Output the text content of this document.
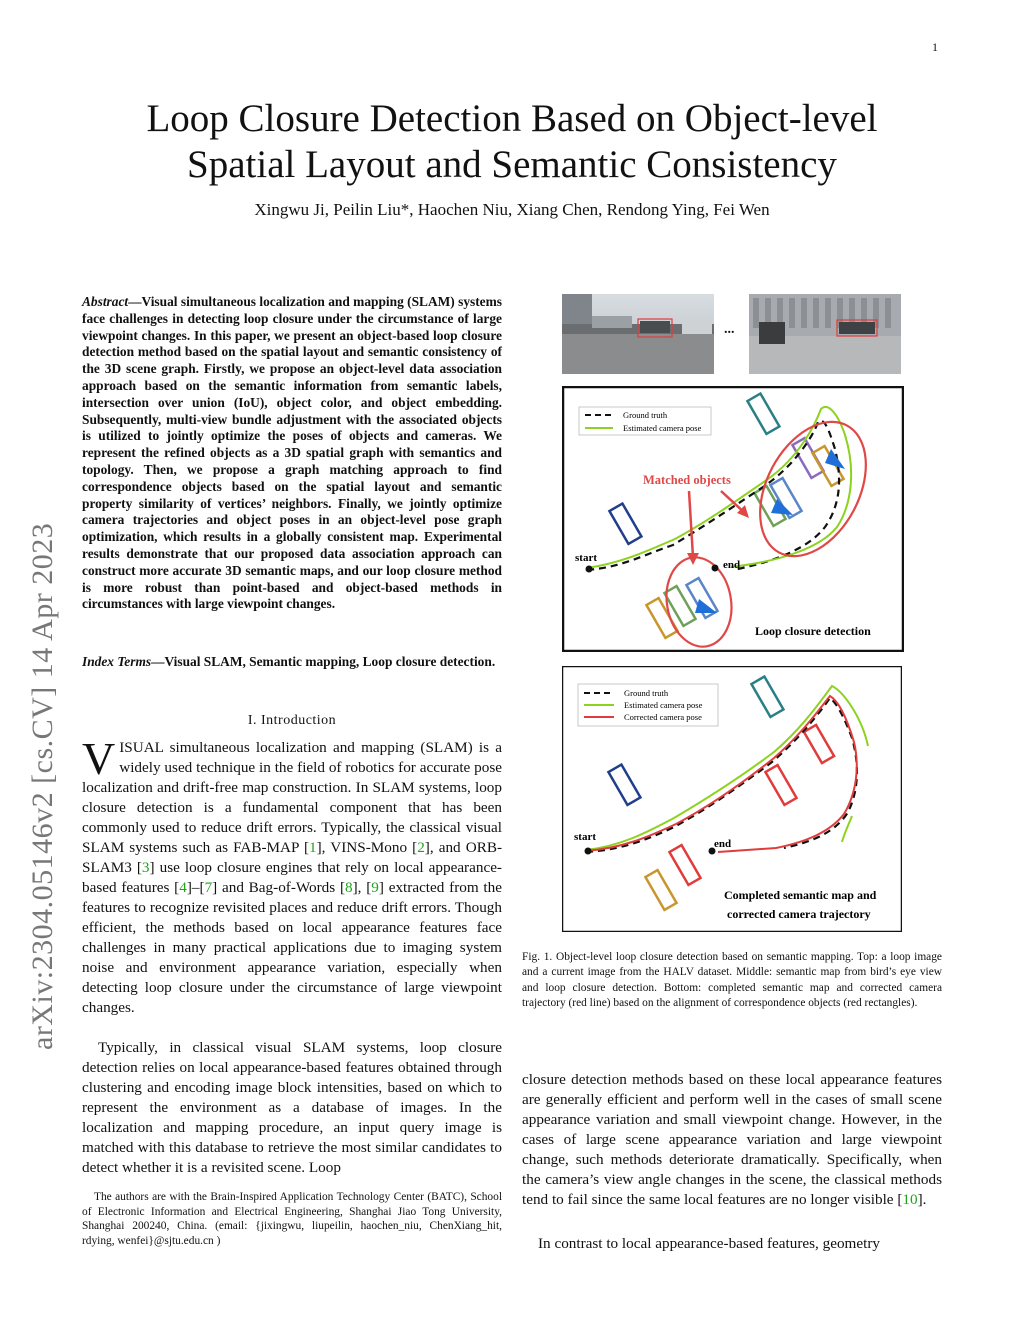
1
Loop Closure Detection Based on Object-level
Spatial Layout and Semantic Consistency
Xingwu Ji, Peilin Liu*, Haochen Niu, Xiang Chen, Rendong Ying, Fei Wen
arXiv:2304.05146v2 [cs.CV] 14 Apr 2023
Abstract—Visual simultaneous localization and mapping (SLAM) systems face challenges in detecting loop closure under the circumstance of large viewpoint changes. In this paper, we present an object-based loop closure detection method based on the spatial layout and semantic consistency of the 3D scene graph. Firstly, we propose an object-level data association approach based on the semantic information from semantic labels, intersection over union (IoU), object color, and object embedding. Subsequently, multi-view bundle adjustment with the associated objects is utilized to jointly optimize the poses of objects and cameras. We represent the refined objects as a 3D spatial graph with semantics and topology. Then, we propose a graph matching approach to find correspondence objects based on the spatial layout and semantic property similarity of vertices’ neighbors. Finally, we jointly optimize camera trajectories and object poses in an object-level pose graph optimization, which results in a globally consistent map. Experimental results demonstrate that our proposed data association approach can construct more accurate 3D semantic maps, and our loop closure method is more robust than point-based and object-based methods in circumstances with large viewpoint changes.
Index Terms—Visual SLAM, Semantic mapping, Loop closure detection.
I. Introduction
VISUAL simultaneous localization and mapping (SLAM) is a widely used technique in the field of robotics for accurate pose localization and drift-free map construction. In SLAM systems, loop closure detection is a fundamental component that has been commonly used to reduce drift errors. Typically, the classical visual SLAM systems such as FAB-MAP [1], VINS-Mono [2], and ORB-SLAM3 [3] use loop closure engines that rely on local appearance-based features [4]–[7] and Bag-of-Words [8], [9] extracted from the features to recognize revisited places and reduce drift errors. Though efficient, the methods based on local appearance features face challenges in many practical applications due to imaging system noise and environment appearance variation, especially when detecting loop closure under the circumstance of large viewpoint changes.
Typically, in classical visual SLAM systems, loop closure detection relies on local appearance-based features obtained through clustering and encoding image block intensities, based on which to represent the environment as a database of images. In the localization and mapping procedure, an input query image is matched with this database to retrieve the most similar candidates to detect whether it is a revisited scene. Loop
The authors are with the Brain-Inspired Application Technology Center (BATC), School of Electronic Information and Electrical Engineering, Shanghai Jiao Tong University, Shanghai 200240, China. (email: {jixingwu, liupeilin, haochen_niu, ChenXiang_hit, rdying, wenfei}@sjtu.edu.cn )
...
Ground truth
Estimated camera pose
Matched objects
start
end
Loop closure detection
Ground truth
Estimated camera pose
Corrected camera pose
start
end
Completed semantic map and
corrected camera trajectory
Fig. 1. Object-level loop closure detection based on semantic mapping. Top: a loop image and a current image from the HALV dataset. Middle: semantic map from bird’s eye view and loop closure detection. Bottom: completed semantic map and corrected camera trajectory (red line) based on the alignment of correspondence objects (red rectangles).
closure detection methods based on these local appearance features are generally efficient and perform well in the cases of small scene appearance variation and small viewpoint change. However, in the cases of large scene appearance variation and large viewpoint change, such methods deteriorate dramatically. Specifically, when the camera’s view angle changes in the scene, the classical methods tend to fail since the same local features are no longer visible [10].
In contrast to local appearance-based features, geometry
